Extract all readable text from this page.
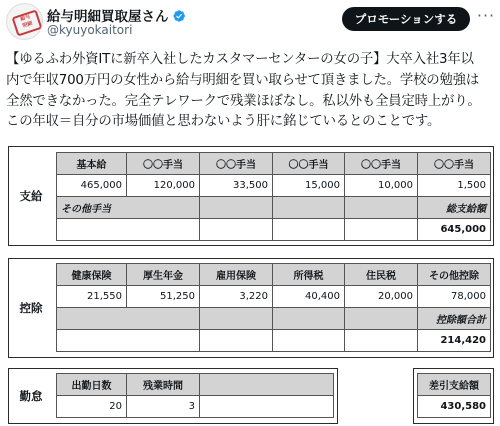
給与
明細	給与明細買取屋さん
@kyuyokaitori
プロモーションする	···
【ゆるふわ外資ITに新卒入社したカスタマーセンターの女の子】大卒入社3年以
内で年収700万円の女性から給与明細を買い取らせて頂きました。学校の勉強は
全然できなかった。完全テレワークで残業ほぼなし。私以外も全員定時上がり。
この年収＝自分の市場価値と思わないよう肝に銘じているとのことです。
支給
基本給	〇〇手当	〇〇手当	〇〇手当	〇〇手当	〇〇手当
465,000	120,000	33,500	15,000	10,000	1,500
その他手当					総支給額
					645,000
控除
健康保険	厚生年金	雇用保険	所得税	住民税	その他控除
21,550	51,250	3,220	40,400	20,000	78,000
					控除額合計
					214,420
勤怠
出勤日数	残業時間	
20	3	
差引支給額
430,580
